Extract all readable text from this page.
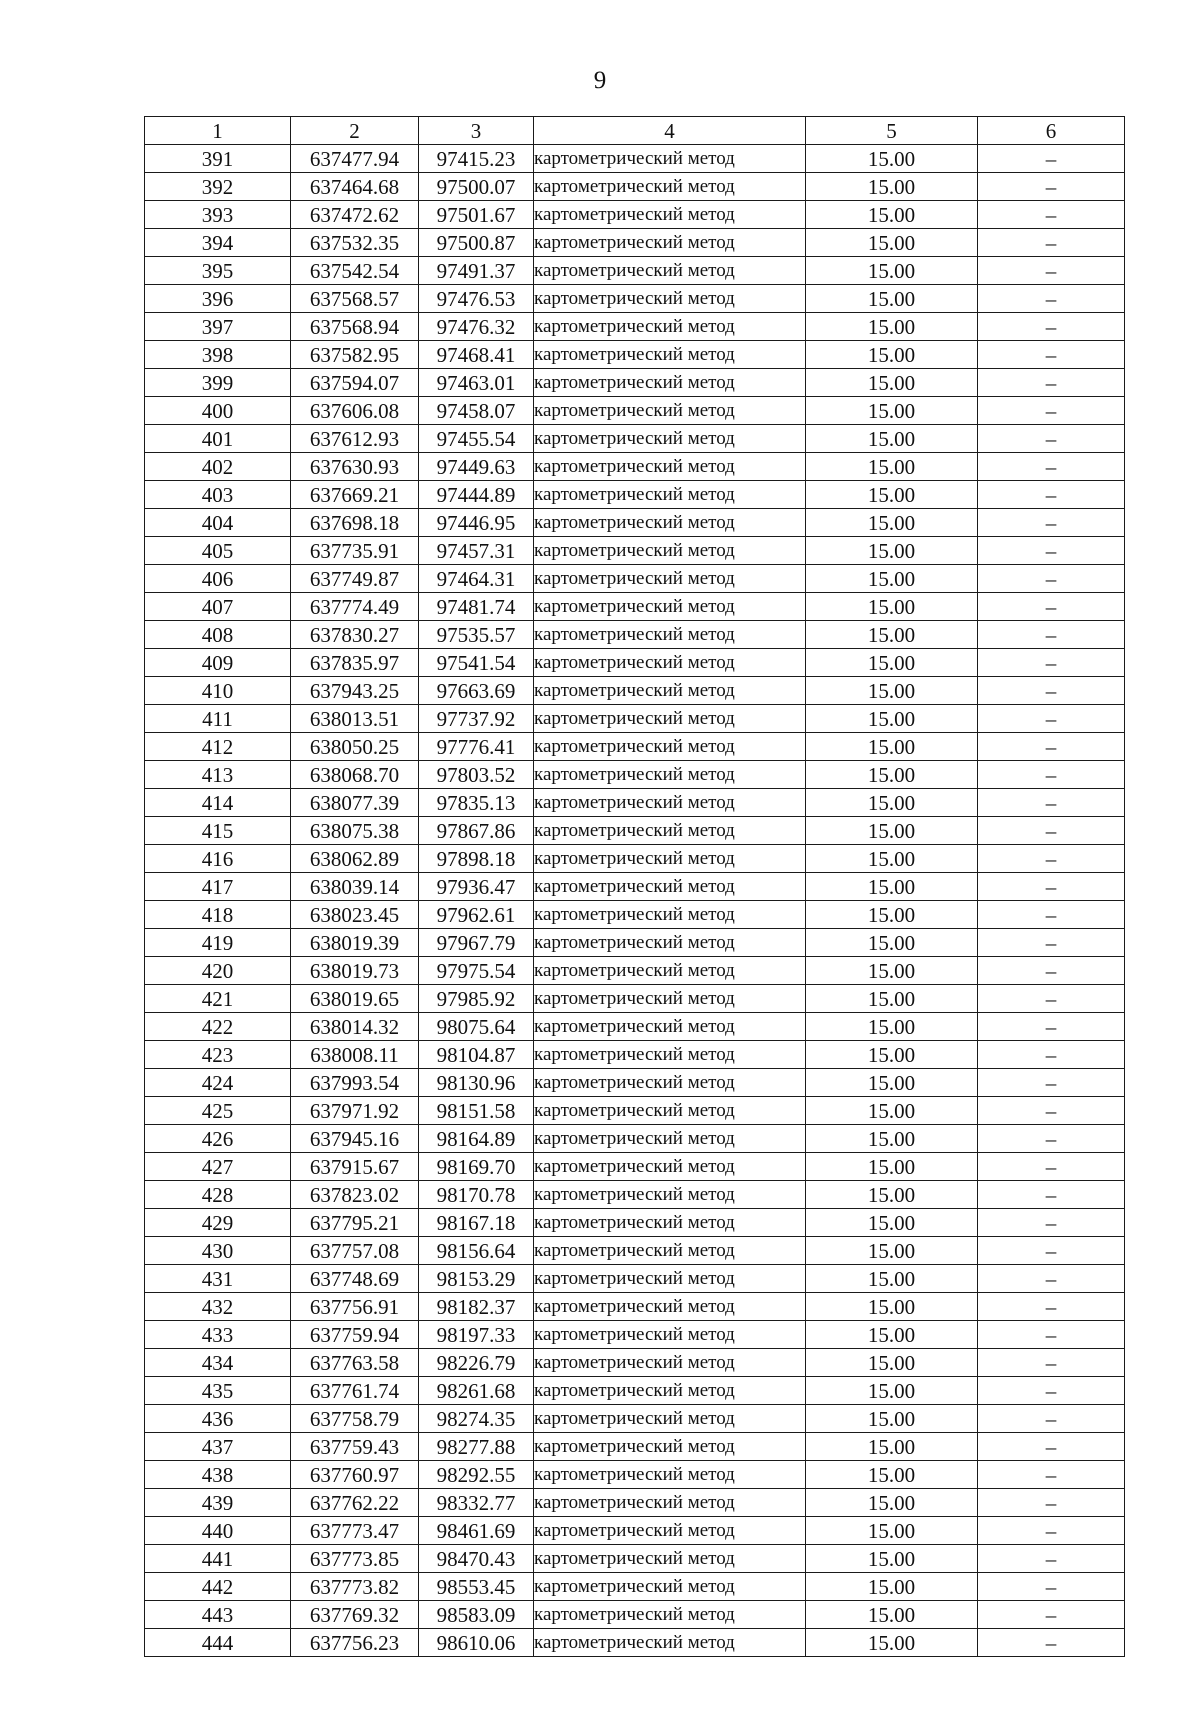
9
1	2	3	4	5	6
391	637477.94	97415.23	картометрический метод	15.00	–
392	637464.68	97500.07	картометрический метод	15.00	–
393	637472.62	97501.67	картометрический метод	15.00	–
394	637532.35	97500.87	картометрический метод	15.00	–
395	637542.54	97491.37	картометрический метод	15.00	–
396	637568.57	97476.53	картометрический метод	15.00	–
397	637568.94	97476.32	картометрический метод	15.00	–
398	637582.95	97468.41	картометрический метод	15.00	–
399	637594.07	97463.01	картометрический метод	15.00	–
400	637606.08	97458.07	картометрический метод	15.00	–
401	637612.93	97455.54	картометрический метод	15.00	–
402	637630.93	97449.63	картометрический метод	15.00	–
403	637669.21	97444.89	картометрический метод	15.00	–
404	637698.18	97446.95	картометрический метод	15.00	–
405	637735.91	97457.31	картометрический метод	15.00	–
406	637749.87	97464.31	картометрический метод	15.00	–
407	637774.49	97481.74	картометрический метод	15.00	–
408	637830.27	97535.57	картометрический метод	15.00	–
409	637835.97	97541.54	картометрический метод	15.00	–
410	637943.25	97663.69	картометрический метод	15.00	–
411	638013.51	97737.92	картометрический метод	15.00	–
412	638050.25	97776.41	картометрический метод	15.00	–
413	638068.70	97803.52	картометрический метод	15.00	–
414	638077.39	97835.13	картометрический метод	15.00	–
415	638075.38	97867.86	картометрический метод	15.00	–
416	638062.89	97898.18	картометрический метод	15.00	–
417	638039.14	97936.47	картометрический метод	15.00	–
418	638023.45	97962.61	картометрический метод	15.00	–
419	638019.39	97967.79	картометрический метод	15.00	–
420	638019.73	97975.54	картометрический метод	15.00	–
421	638019.65	97985.92	картометрический метод	15.00	–
422	638014.32	98075.64	картометрический метод	15.00	–
423	638008.11	98104.87	картометрический метод	15.00	–
424	637993.54	98130.96	картометрический метод	15.00	–
425	637971.92	98151.58	картометрический метод	15.00	–
426	637945.16	98164.89	картометрический метод	15.00	–
427	637915.67	98169.70	картометрический метод	15.00	–
428	637823.02	98170.78	картометрический метод	15.00	–
429	637795.21	98167.18	картометрический метод	15.00	–
430	637757.08	98156.64	картометрический метод	15.00	–
431	637748.69	98153.29	картометрический метод	15.00	–
432	637756.91	98182.37	картометрический метод	15.00	–
433	637759.94	98197.33	картометрический метод	15.00	–
434	637763.58	98226.79	картометрический метод	15.00	–
435	637761.74	98261.68	картометрический метод	15.00	–
436	637758.79	98274.35	картометрический метод	15.00	–
437	637759.43	98277.88	картометрический метод	15.00	–
438	637760.97	98292.55	картометрический метод	15.00	–
439	637762.22	98332.77	картометрический метод	15.00	–
440	637773.47	98461.69	картометрический метод	15.00	–
441	637773.85	98470.43	картометрический метод	15.00	–
442	637773.82	98553.45	картометрический метод	15.00	–
443	637769.32	98583.09	картометрический метод	15.00	–
444	637756.23	98610.06	картометрический метод	15.00	–
